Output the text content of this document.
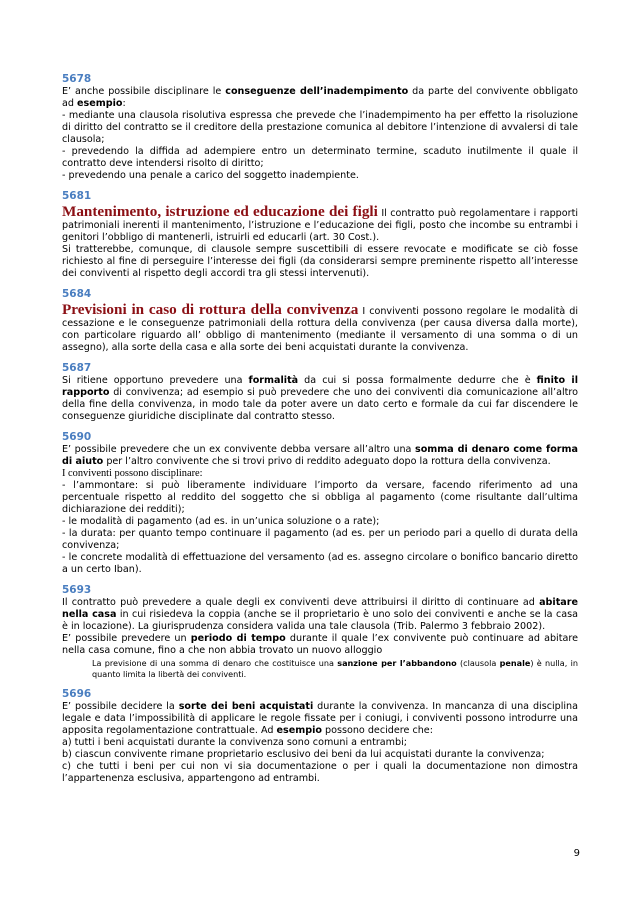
5678

E’ anche possibile disciplinare le conseguenze dell’inadempimento da parte del convivente obbligato ad esempio:

- mediante una clausola risolutiva espressa che prevede che l’inadempimento ha per effetto la risoluzione di diritto del contratto se il creditore della prestazione comunica al debitore l’intenzione di avvalersi di tale clausola;

- prevedendo la diffida ad adempiere entro un determinato termine, scaduto inutilmente il quale il contratto deve intendersi risolto di diritto;

- prevedendo una penale a carico del soggetto inadempiente.

5681

Mantenimento, istruzione ed educazione dei figli Il contratto può regolamentare i rapporti patrimoniali inerenti il mantenimento, l’istruzione e l’educazione dei figli, posto che incombe su entrambi i genitori l’obbligo di mantenerli, istruirli ed educarli (art. 30 Cost.).

Si tratterebbe, comunque, di clausole sempre suscettibili di essere revocate e modificate se ciò fosse richiesto al fine di perseguire l’interesse dei figli (da considerarsi sempre preminente rispetto all’interesse dei conviventi al rispetto degli accordi tra gli stessi intervenuti).

5684

Previsioni in caso di rottura della convivenza I conviventi possono regolare le modalità di cessazione e le conseguenze patrimoniali della rottura della convivenza (per causa diversa dalla morte), con particolare riguardo all’ obbligo di mantenimento (mediante il versamento di una somma o di un assegno), alla sorte della casa e alla sorte dei beni acquistati durante la convivenza.

5687

Si ritiene opportuno prevedere una formalità da cui si possa formalmente dedurre che è finito il rapporto di convivenza; ad esempio si può prevedere che uno dei conviventi dia comunicazione all’altro della fine della convivenza, in modo tale da poter avere un dato certo e formale da cui far discendere le conseguenze giuridiche disciplinate dal contratto stesso.

5690

E’ possibile prevedere che un ex convivente debba versare all’altro una somma di denaro come forma di aiuto per l’altro convivente che si trovi privo di reddito adeguato dopo la rottura della convivenza.

I conviventi possono disciplinare:

- l’ammontare: si può liberamente individuare l’importo da versare, facendo riferimento ad una percentuale rispetto al reddito del soggetto che si obbliga al pagamento (come risultante dall’ultima dichiarazione dei redditi);

- le modalità di pagamento (ad es. in un’unica soluzione o a rate);

- la durata: per quanto tempo continuare il pagamento (ad es. per un periodo pari a quello di durata della convivenza;

- le concrete modalità di effettuazione del versamento (ad es. assegno circolare o bonifico bancario diretto a un certo Iban).

5693

Il contratto può prevedere a quale degli ex conviventi deve attribuirsi il diritto di continuare ad abitare nella casa in cui risiedeva la coppia (anche se il proprietario è uno solo dei conviventi e anche se la casa è in locazione). La giurisprudenza considera valida una tale clausola (Trib. Palermo 3 febbraio 2002).

E’ possibile prevedere un periodo di tempo durante il quale l’ex convivente può continuare ad abitare nella casa comune, fino a che non abbia trovato un nuovo alloggio

La previsione di una somma di denaro che costituisce una sanzione per l’abbandono (clausola penale) è nulla, in quanto limita la libertà dei conviventi.
5696

E’ possibile decidere la sorte dei beni acquistati durante la convivenza. In mancanza di una disciplina legale e data l’impossibilità di applicare le regole fissate per i coniugi, i conviventi possono introdurre una apposita regolamentazione contrattuale. Ad esempio possono decidere che:

a) tutti i beni acquistati durante la convivenza sono comuni a entrambi;

b) ciascun convivente rimane proprietario esclusivo dei beni da lui acquistati durante la convivenza;

c) che tutti i beni per cui non vi sia documentazione o per i quali la documentazione non dimostra l’appartenenza esclusiva, appartengono ad entrambi.

9
